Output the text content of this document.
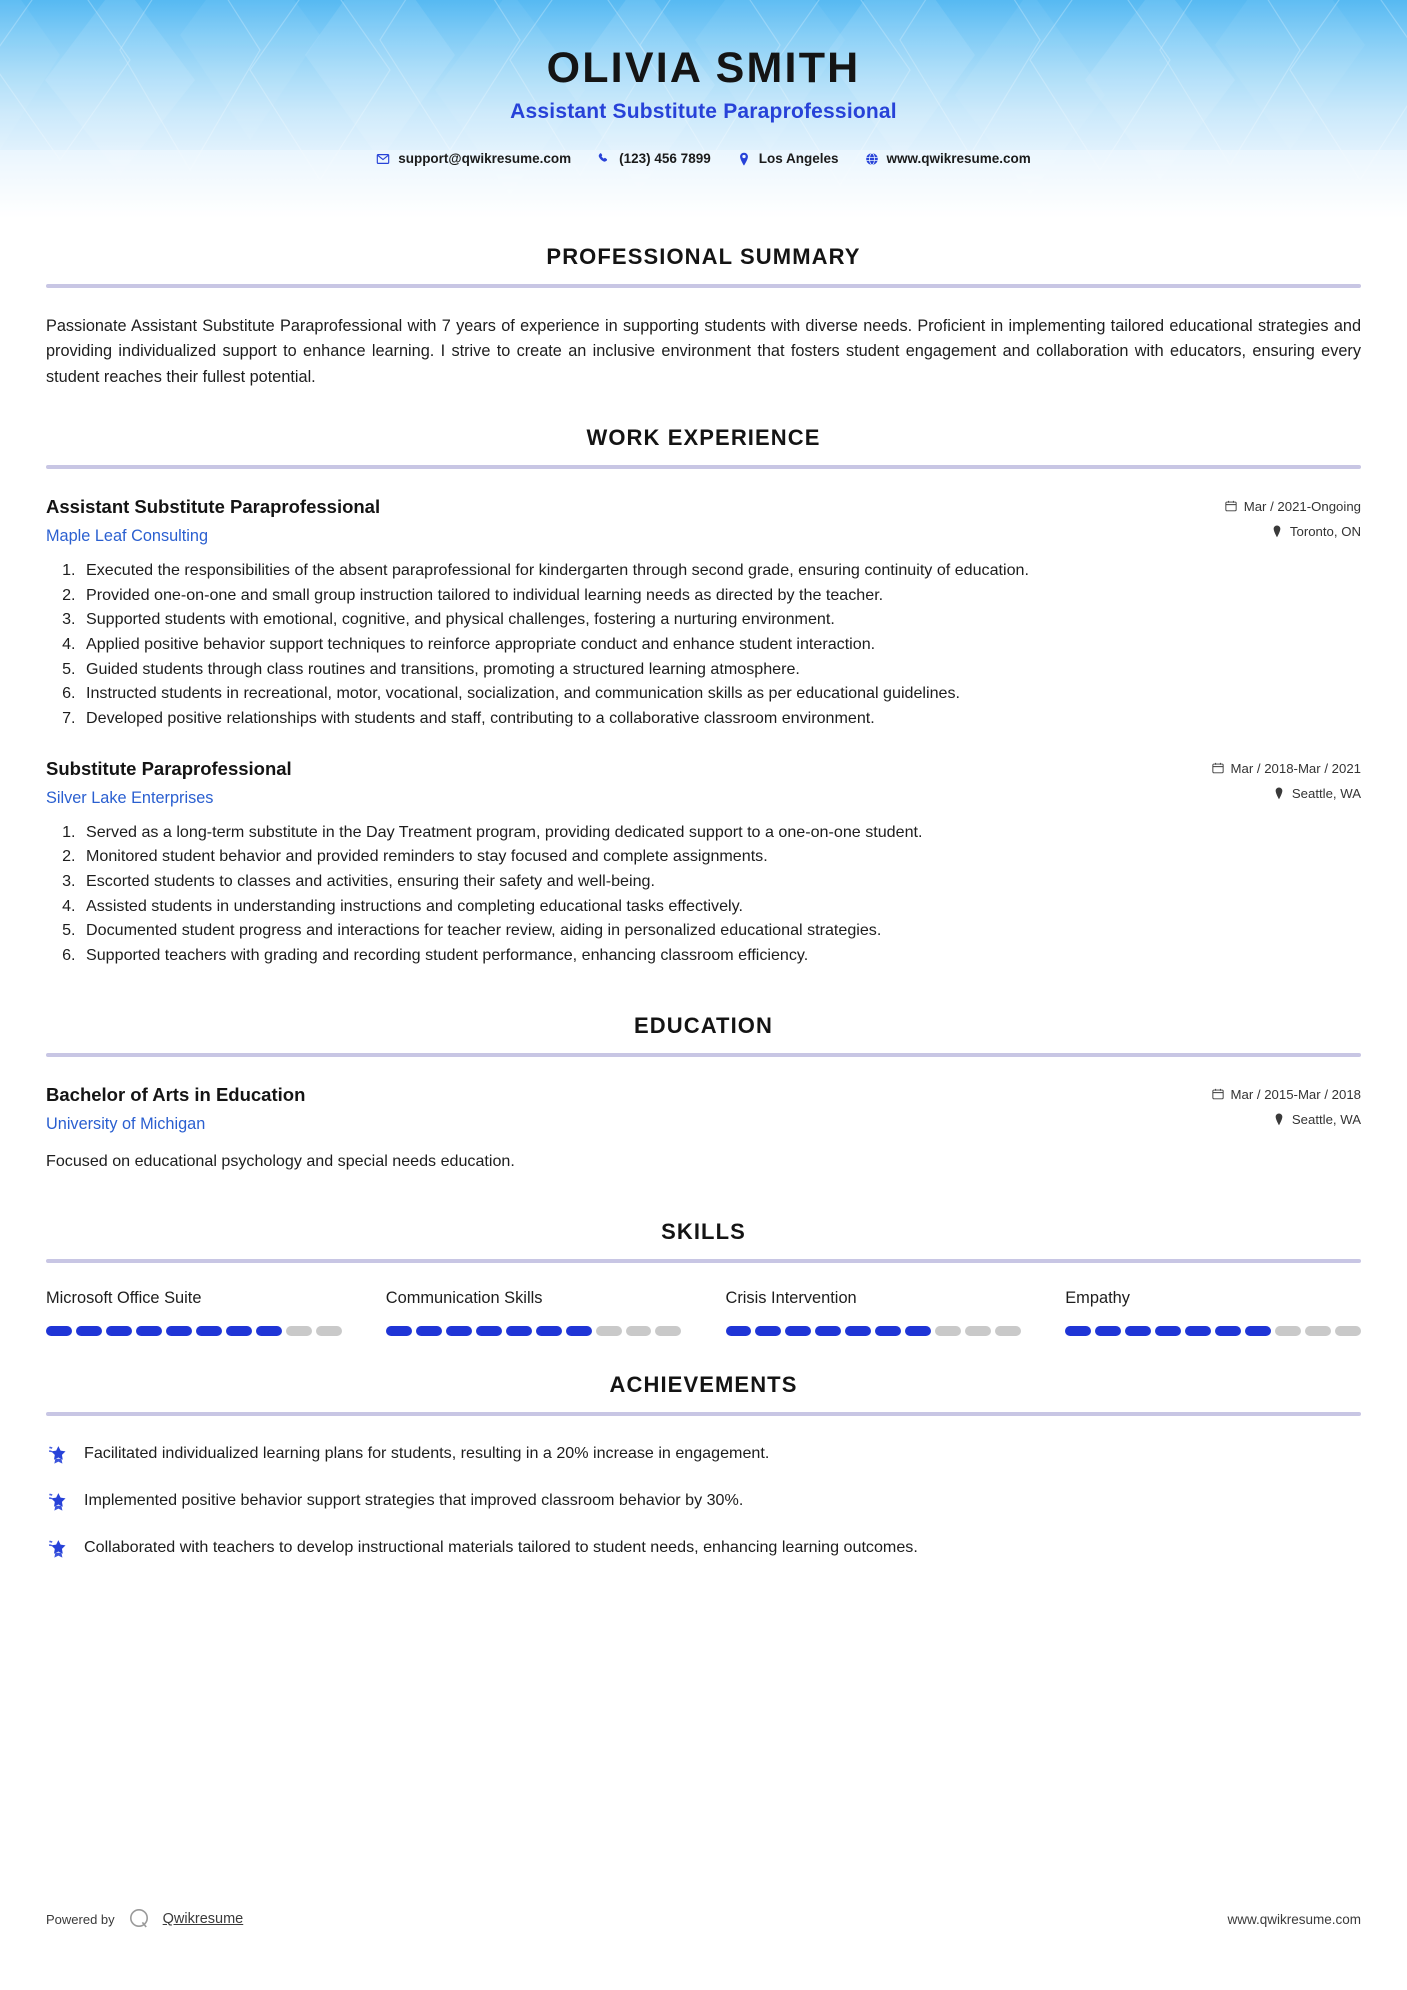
OLIVIA SMITH
Assistant Substitute Paraprofessional
support@qwikresume.com	(123) 456 7899	Los Angeles	www.qwikresume.com
PROFESSIONAL SUMMARY

Passionate Assistant Substitute Paraprofessional with 7 years of experience in supporting students with diverse needs. Proficient in implementing tailored educational strategies and providing individualized support to enhance learning. I strive to create an inclusive environment that fosters student engagement and collaboration with educators, ensuring every student reaches their fullest potential.

WORK EXPERIENCE
Assistant Substitute Paraprofessional
Maple Leaf Consulting
Mar / 2021-Ongoing
Toronto, ON
1. Executed the responsibilities of the absent paraprofessional for kindergarten through second grade, ensuring continuity of education.
2. Provided one-on-one and small group instruction tailored to individual learning needs as directed by the teacher.
3. Supported students with emotional, cognitive, and physical challenges, fostering a nurturing environment.
4. Applied positive behavior support techniques to reinforce appropriate conduct and enhance student interaction.
5. Guided students through class routines and transitions, promoting a structured learning atmosphere.
6. Instructed students in recreational, motor, vocational, socialization, and communication skills as per educational guidelines.
7. Developed positive relationships with students and staff, contributing to a collaborative classroom environment.
Substitute Paraprofessional
Silver Lake Enterprises
Mar / 2018-Mar / 2021
Seattle, WA
1. Served as a long-term substitute in the Day Treatment program, providing dedicated support to a one-on-one student.
2. Monitored student behavior and provided reminders to stay focused and complete assignments.
3. Escorted students to classes and activities, ensuring their safety and well-being.
4. Assisted students in understanding instructions and completing educational tasks effectively.
5. Documented student progress and interactions for teacher review, aiding in personalized educational strategies.
6. Supported teachers with grading and recording student performance, enhancing classroom efficiency.
EDUCATION
Bachelor of Arts in Education
University of Michigan
Mar / 2015-Mar / 2018
Seattle, WA
Focused on educational psychology and special needs education.
SKILLS
Microsoft Office Suite	Communication Skills	Crisis Intervention	Empathy
ACHIEVEMENTS
Facilitated individualized learning plans for students, resulting in a 20% increase in engagement.
Implemented positive behavior support strategies that improved classroom behavior by 30%.
Collaborated with teachers to develop instructional materials tailored to student needs, enhancing learning outcomes.
Powered by	Qwikresume	www.qwikresume.com
